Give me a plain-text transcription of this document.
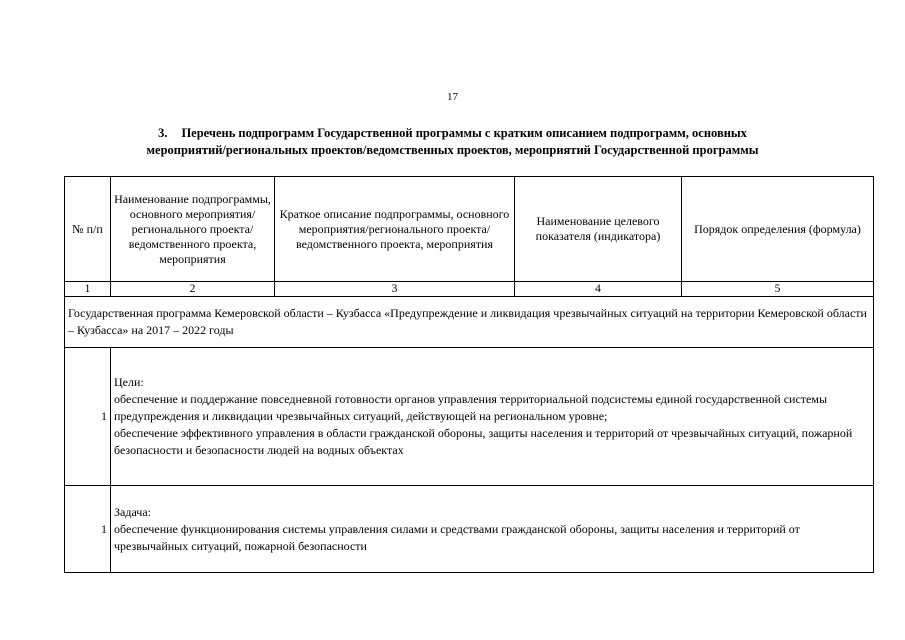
17
3. Перечень подпрограмм Государственной программы с кратким описанием подпрограмм, основных
мероприятий/региональных проектов/ведомственных проектов, мероприятий Государственной программы
№ п/п	Наименование подпрограммы, основного мероприятия/ регионального проекта/ведомственного проекта, мероприятия	Краткое описание подпрограммы, основного мероприятия/регионального проекта/ведомственного проекта, мероприятия	Наименование целевого показателя (индикатора)	Порядок определения (формула)
1	2	3	4	5
Государственная программа Кемеровской области – Кузбасса «Предупреждение и ликвидация чрезвычайных ситуаций на территории Кемеровской области – Кузбасса» на 2017 – 2022 годы				
1	Цели:
обеспечение и поддержание повседневной готовности органов управления территориальной подсистемы единой государственной системы предупреждения и ликвидации чрезвычайных ситуаций, действующей на региональном уровне;
обеспечение эффективного управления в области гражданской обороны, защиты населения и территорий от чрезвычайных ситуаций, пожарной безопасности и безопасности людей на водных объектах			

1	Задача:
обеспечение функционирования системы управления силами и средствами гражданской обороны, защиты населения и территорий от чрезвычайных ситуаций, пожарной безопасности			
